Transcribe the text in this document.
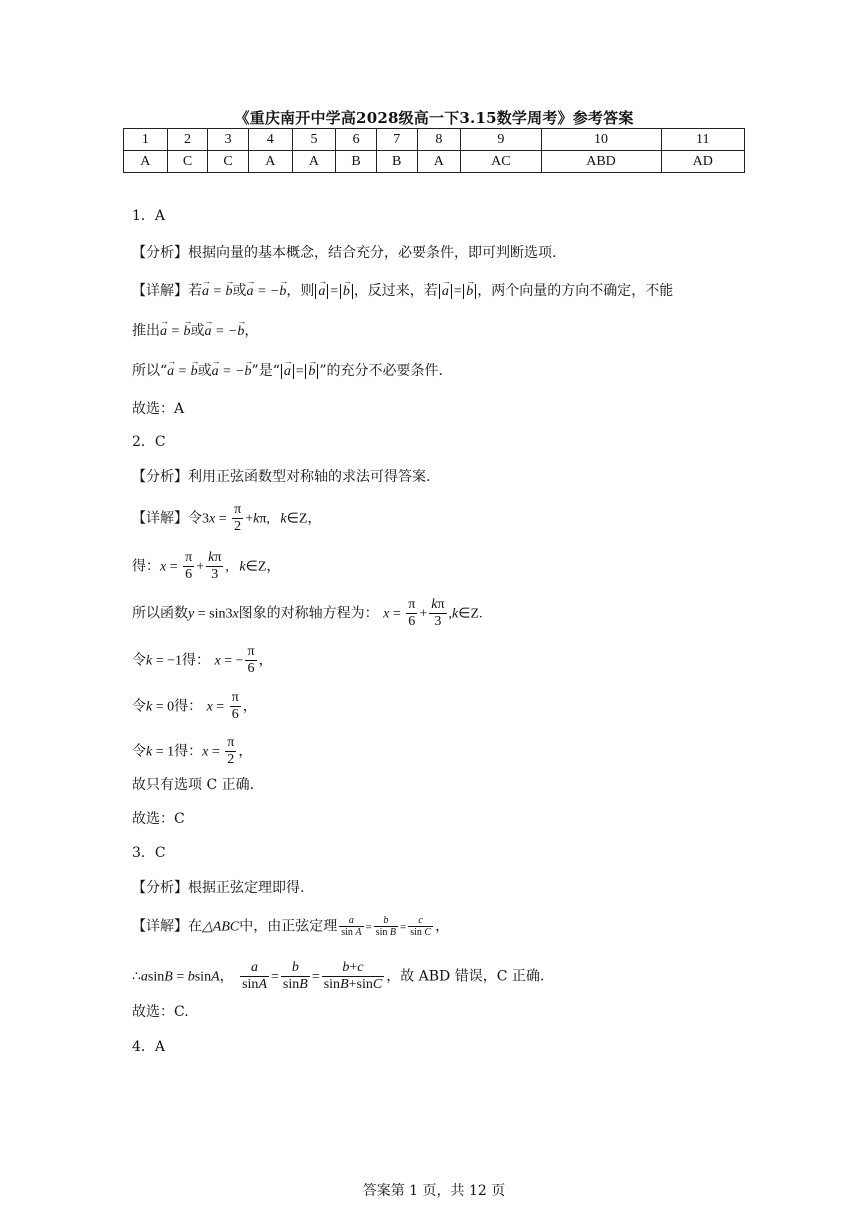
《重庆南开中学高2028级高一下3.15数学周考》参考答案
1	2	3	4	5	6	7	8	9	10	11
A	C	C	A	A	B	B	A	AC	ABD	AD
1．A
【分析】根据向量的基本概念，结合充分，必要条件，即可判断选项.
【详解】若→ a = → b或→ a = −→ b，则 → a = → b ，反过来，若 → a = → b ，两个向量的方向不确定，不能
推出→ a = → b或→ a = −→ b，
所以“→ a = → b或→ a = −→ b”是“ → a = → b ”的充分不必要条件.
故选：A
2．C
【分析】利用正弦函数型对称轴的求法可得答案.
【详解】令$3x = \frac{\pi}{2} +k\pi$,   k∈Z，
得：$x = \frac{\pi}{6} + \frac{k\pi}{3}$ ,   k∈Z，
所以函数y = sin3x图象的对称轴方程为： $x = \frac{\pi}{6} + \frac{k\pi}{3}$ ,k∈Z.
令k = −1得： x = − $\frac{\pi}{6}$ ，
令k = 0得： $x = \frac{\pi}{6}$ ，
令k = 1得：$x = \frac{\pi}{2}$ ，
故只有选项 C 正确.
故选：C
3．C
【分析】根据正弦定理即得.
【详解】在△ABC中，由正弦定理 $\frac{a}{\text{sin A}} = \frac{b}{\text{sin B}} = \frac{c}{\text{sin C}}$ ，
∴asinB = bsinA， $\frac{a}{\sin A} = \frac{b}{\sin B} = \frac{b+c}{\sin B+\sin C}$ ，故 ABD 错误，C 正确.
故选：C.
4．A
答案第 1 页，共 12 页
